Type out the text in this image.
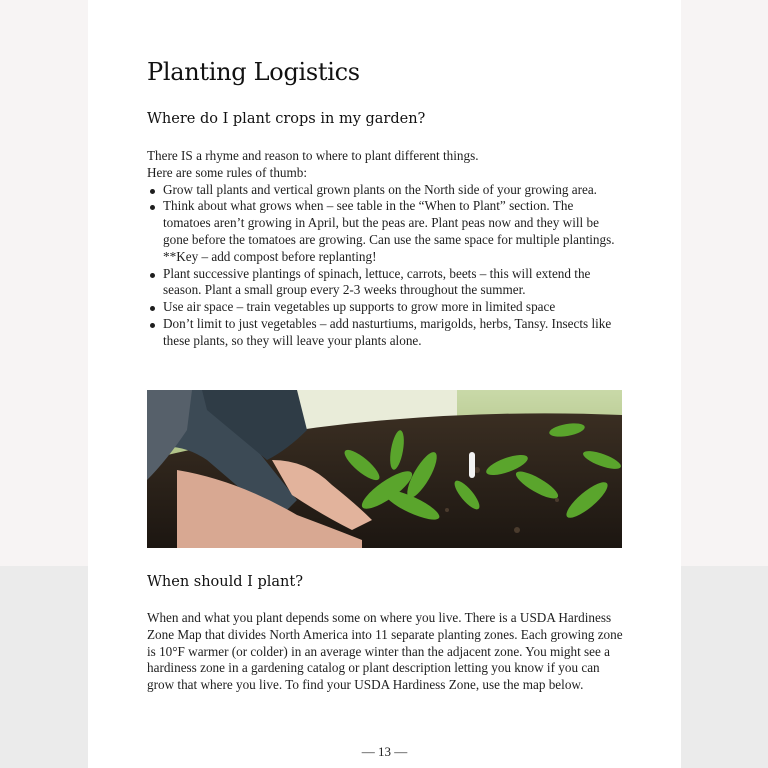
Planting Logistics
Where do I plant crops in my garden?

There IS a rhyme and reason to where to plant different things.

Here are some rules of thumb:

Grow tall plants and vertical grown plants on the North side of your growing area.
Think about what grows when – see table in the “When to Plant” section. The tomatoes aren’t growing in April, but the peas are. Plant peas now and they will be gone before the tomatoes are growing. Can use the same space for multiple plantings. **Key – add compost before replanting!
Plant successive plantings of spinach, lettuce, carrots, beets – this will extend the season. Plant a small group every 2-3 weeks throughout the summer.
Use air space – train vegetables up supports to grow more in limited space
Don’t limit to just vegetables – add nasturtiums, marigolds, herbs, Tansy. Insects like these plants, so they will leave your plants alone.
When should I plant?

When and what you plant depends some on where you live. There is a USDA Hardiness Zone Map that divides North America into 11 separate planting zones. Each growing zone is 10°F warmer (or colder) in an average winter than the adjacent zone. You might see a hardiness zone in a gardening catalog or plant description letting you know if you can grow that where you live. To find your USDA Hardiness Zone, use the map below.

— 13 —
